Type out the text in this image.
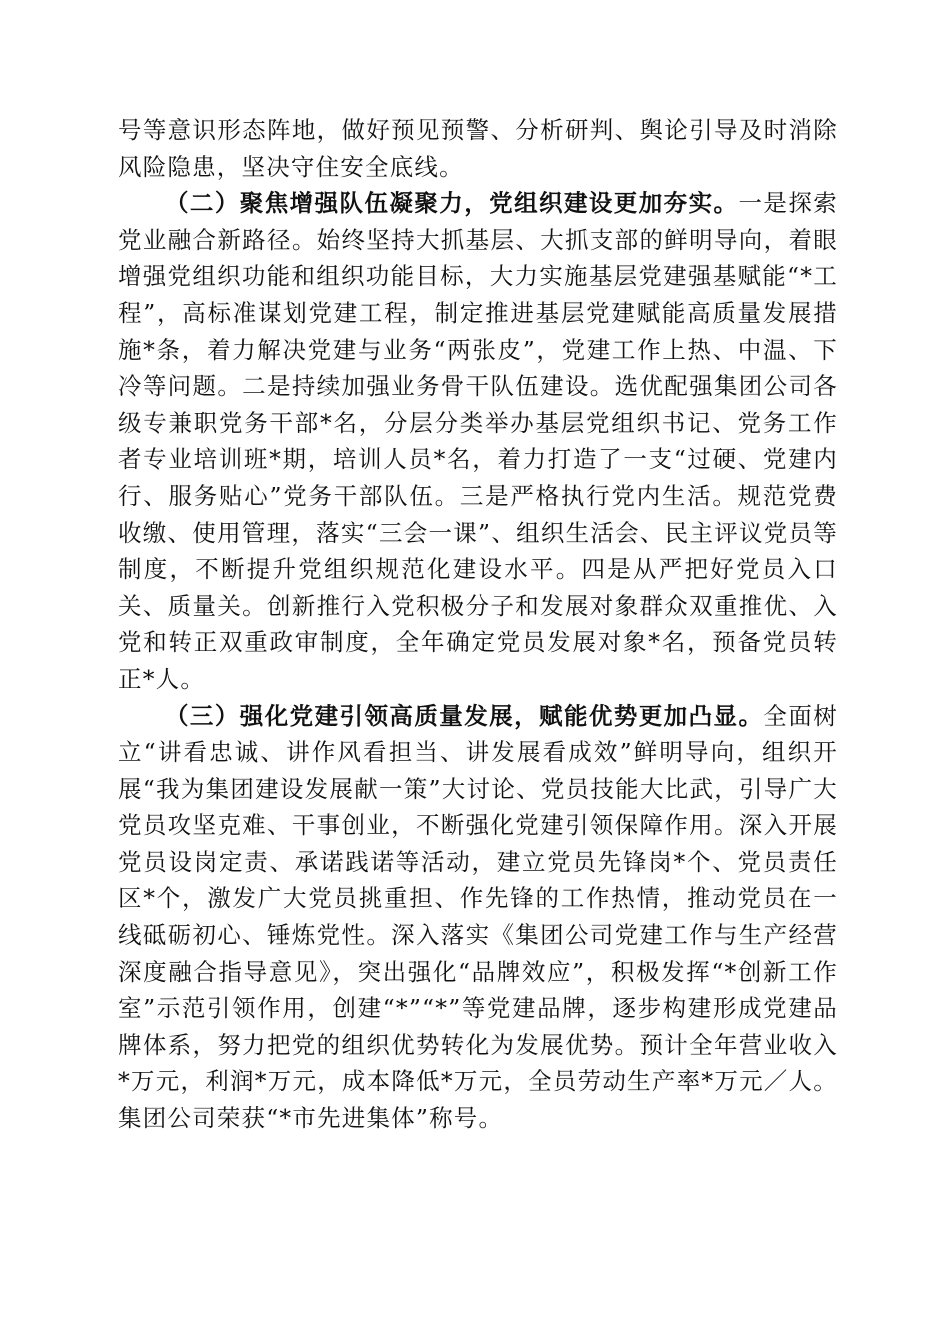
号等意识形态阵地，做好预见预警、分析研判、舆论引导及时消除风险隐患，坚决守住安全底线。

（二）聚焦增强队伍凝聚力，党组织建设更加夯实。一是探索党业融合新路径。始终坚持大抓基层、大抓支部的鲜明导向，着眼增强党组织功能和组织功能目标，大力实施基层党建强基赋能“*工程”，高标准谋划党建工程，制定推进基层党建赋能高质量发展措施*条，着力解决党建与业务“两张皮”，党建工作上热、中温、下冷等问题。二是持续加强业务骨干队伍建设。选优配强集团公司各级专兼职党务干部*名，分层分类举办基层党组织书记、党务工作者专业培训班*期，培训人员*名，着力打造了一支“过硬、党建内行、服务贴心”党务干部队伍。三是严格执行党内生活。规范党费收缴、使用管理，落实“三会一课”、组织生活会、民主评议党员等制度，不断提升党组织规范化建设水平。四是从严把好党员入口关、质量关。创新推行入党积极分子和发展对象群众双重推优、入党和转正双重政审制度，全年确定党员发展对象*名，预备党员转正*人。

（三）强化党建引领高质量发展，赋能优势更加凸显。全面树立“讲看忠诚、讲作风看担当、讲发展看成效”鲜明导向，组织开展“我为集团建设发展献一策”大讨论、党员技能大比武，引导广大党员攻坚克难、干事创业，不断强化党建引领保障作用。深入开展党员设岗定责、承诺践诺等活动，建立党员先锋岗*个、党员责任区*个，激发广大党员挑重担、作先锋的工作热情，推动党员在一线砥砺初心、锤炼党性。深入落实《集团公司党建工作与生产经营深度融合指导意见》，突出强化“品牌效应”，积极发挥“*创新工作室”示范引领作用，创建“*”“*”等党建品牌，逐步构建形成党建品牌体系，努力把党的组织优势转化为发展优势。预计全年营业收入*万元，利润*万元，成本降低*万元，全员劳动生产率*万元／人。集团公司荣获“*市先进集体”称号。
